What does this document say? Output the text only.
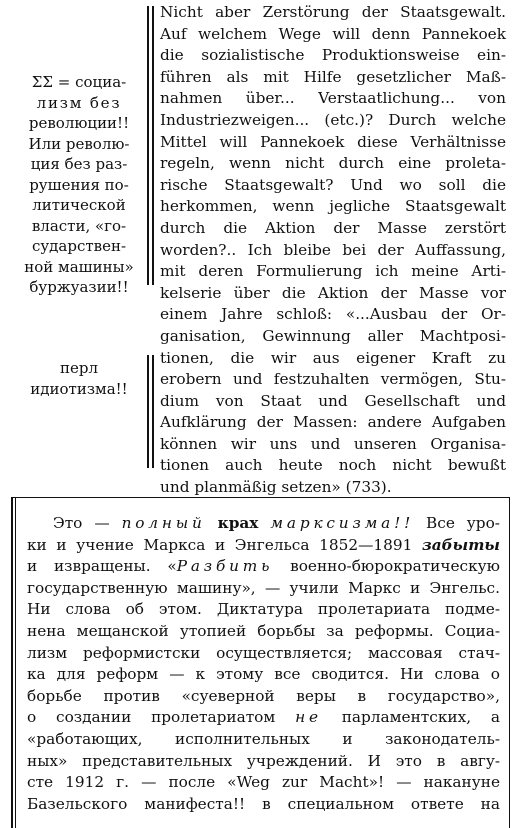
ΣΣ = социа-
лизм без
революции!!
Или револю-
ция без раз-
рушения по-
литической
власти, «го-
сударствен-
ной машины»
буржуазии!!
перл
идиотизма!!
Nicht aber Zerstörung der Staatsgewalt.
Auf welchem Wege will denn Pannekoek
die sozialistische Produktionsweise ein-
führen als mit Hilfe gesetzlicher Maß-
nahmen über... Verstaatlichung... von
Industriezweigen... (etc.)? Durch welche
Mittel will Pannekoek diese Verhältnisse
regeln, wenn nicht durch eine proleta-
rische Staatsgewalt? Und wo soll die
herkommen, wenn jegliche Staatsgewalt
durch die Aktion der Masse zerstört
worden?.. Ich bleibe bei der Auffassung,
mit deren Formulierung ich meine Arti-
kelserie über die Aktion der Masse vor
einem Jahre schloß: «...Ausbau der Or-
ganisation, Gewinnung aller Machtposi-
tionen, die wir aus eigener Kraft zu
erobern und festzuhalten vermögen, Stu-
dium von Staat und Gesellschaft und
Aufklärung der Massen: andere Aufgaben
können wir uns und unseren Organisa-
tionen auch heute noch nicht bewußt
und planmäßig setzen» (733).
Это — полный крах марксизма!! Все уро-
ки и учение Маркса и Энгельса 1852—1891 забыты
и извращены. «Разбить военно-бюрократическую
государственную машину», — учили Маркс и Энгельс.
Ни слова об этом. Диктатура пролетариата подме-
нена мещанской утопией борьбы за реформы. Социа-
лизм реформистски осуществляется; массовая стач-
ка для реформ — к этому все сводится. Ни слова о
борьбе против «суеверной веры в государство»,
о создании пролетариатом не парламентских, а
«работающих, исполнительных и законодатель-
ных» представительных учреждений. И это в авгу-
сте 1912 г. — после «Weg zur Macht»! — накануне
Базельского манифеста!! в специальном ответе на
